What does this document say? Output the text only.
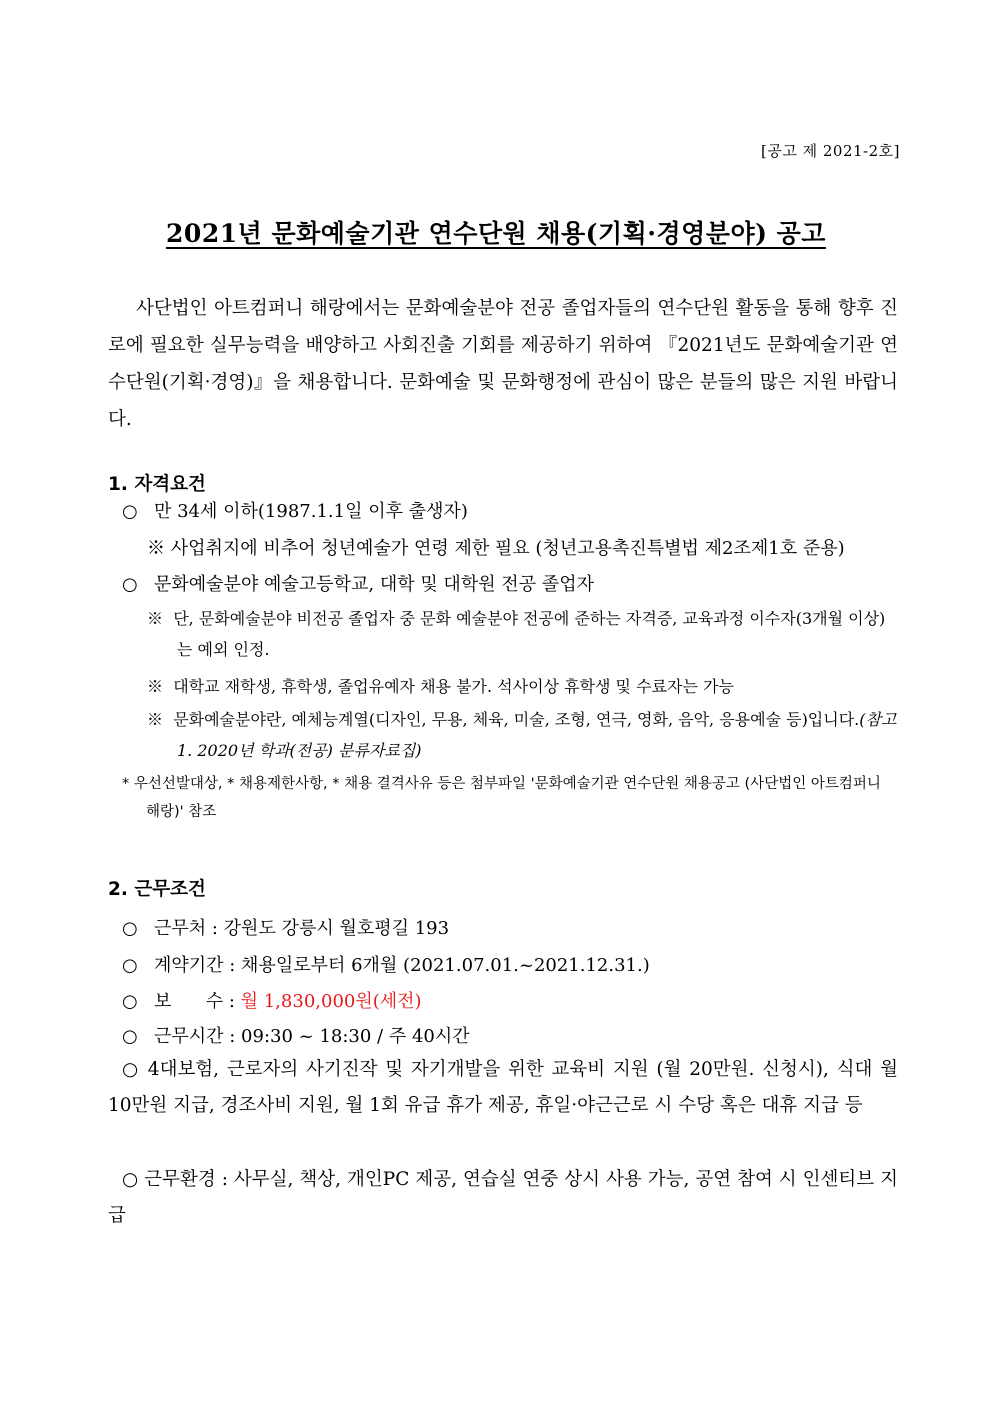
[공고 제 2021-2호]
2021년 문화예술기관 연수단원 채용(기획·경영분야) 공고
사단법인 아트컴퍼니 해랑에서는 문화예술분야 전공 졸업자들의 연수단원 활동을 통해 향후 진로에 필요한 실무능력을 배양하고 사회진출 기회를 제공하기 위하여 『2021년도 문화예술기관 연수단원(기획·경영)』을 채용합니다. 문화예술 및 문화행정에 관심이 많은 분들의 많은 지원 바랍니다.
1. 자격요건
○ 만 34세 이하(1987.1.1일 이후 출생자)
※ 사업취지에 비추어 청년예술가 연령 제한 필요 (청년고용촉진특별법 제2조제1호 준용)
○ 문화예술분야 예술고등학교, 대학 및 대학원 전공 졸업자
※ 단, 문화예술분야 비전공 졸업자 중 문화 예술분야 전공에 준하는 자격증, 교육과정 이수자(3개월 이상)는 예외 인정.
※ 대학교 재학생, 휴학생, 졸업유예자 채용 불가. 석사이상 휴학생 및 수료자는 가능
※ 문화예술분야란, 예체능계열(디자인, 무용, 체육, 미술, 조형, 연극, 영화, 음악, 응용예술 등)입니다.(참고1. 2020년 학과(전공) 분류자료집)
* 우선선발대상, * 채용제한사항, * 채용 결격사유 등은 첨부파일 '문화예술기관 연수단원 채용공고 (사단법인 아트컴퍼니 해랑)' 참조
2. 근무조건
○ 근무처 : 강원도 강릉시 월호평길 193
○ 계약기간 : 채용일로부터 6개월 (2021.07.01.~2021.12.31.)
○ 보      수 : 월 1,830,000원(세전)
○ 근무시간 : 09:30 ~ 18:30 / 주 40시간
○ 4대보험, 근로자의 사기진작 및 자기개발을 위한 교육비 지원 (월 20만원. 신청시), 식대 월 10만원 지급, 경조사비 지원, 월 1회 유급 휴가 제공, 휴일·야근근로 시 수당 혹은 대휴 지급 등
○ 근무환경 : 사무실, 책상, 개인PC 제공, 연습실 연중 상시 사용 가능, 공연 참여 시 인센티브 지급
